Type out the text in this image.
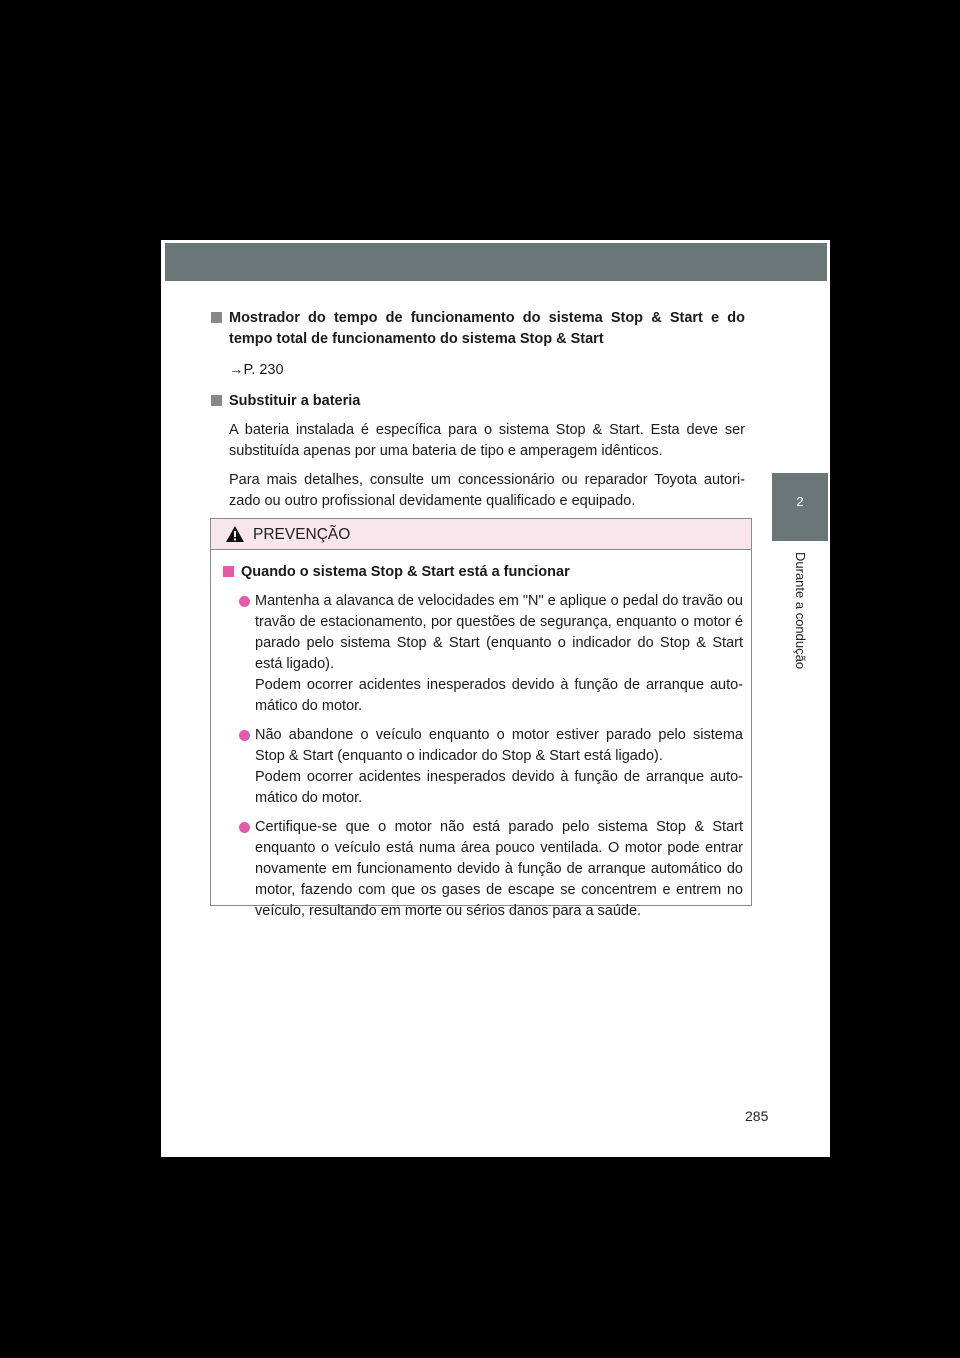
Mostrador do tempo de funcionamento do sistema Stop & Start e do tempo total de funcionamento do sistema Stop & Start
→P. 230
Substituir a bateria
A bateria instalada é específica para o sistema Stop & Start. Esta deve ser substituída apenas por uma bateria de tipo e amperagem idênticos.
Para mais detalhes, consulte um concessionário ou reparador Toyota autori-zado ou outro profissional devidamente qualificado e equipado.
PREVENÇÃO
Quando o sistema Stop & Start está a funcionar
Mantenha a alavanca de velocidades em "N" e aplique o pedal do travão ou travão de estacionamento, por questões de segurança, enquanto o motor é parado pelo sistema Stop & Start (enquanto o indicador do Stop & Start está ligado).
Podem ocorrer acidentes inesperados devido à função de arranque auto-mático do motor.
Não abandone o veículo enquanto o motor estiver parado pelo sistema Stop & Start (enquanto o indicador do Stop & Start está ligado).
Podem ocorrer acidentes inesperados devido à função de arranque auto-mático do motor.
Certifique-se que o motor não está parado pelo sistema Stop & Start enquanto o veículo está numa área pouco ventilada. O motor pode entrar novamente em funcionamento devido à função de arranque automático do motor, fazendo com que os gases de escape se concentrem e entrem no veículo, resultando em morte ou sérios danos para a saúde.
2
Durante a condução
285
